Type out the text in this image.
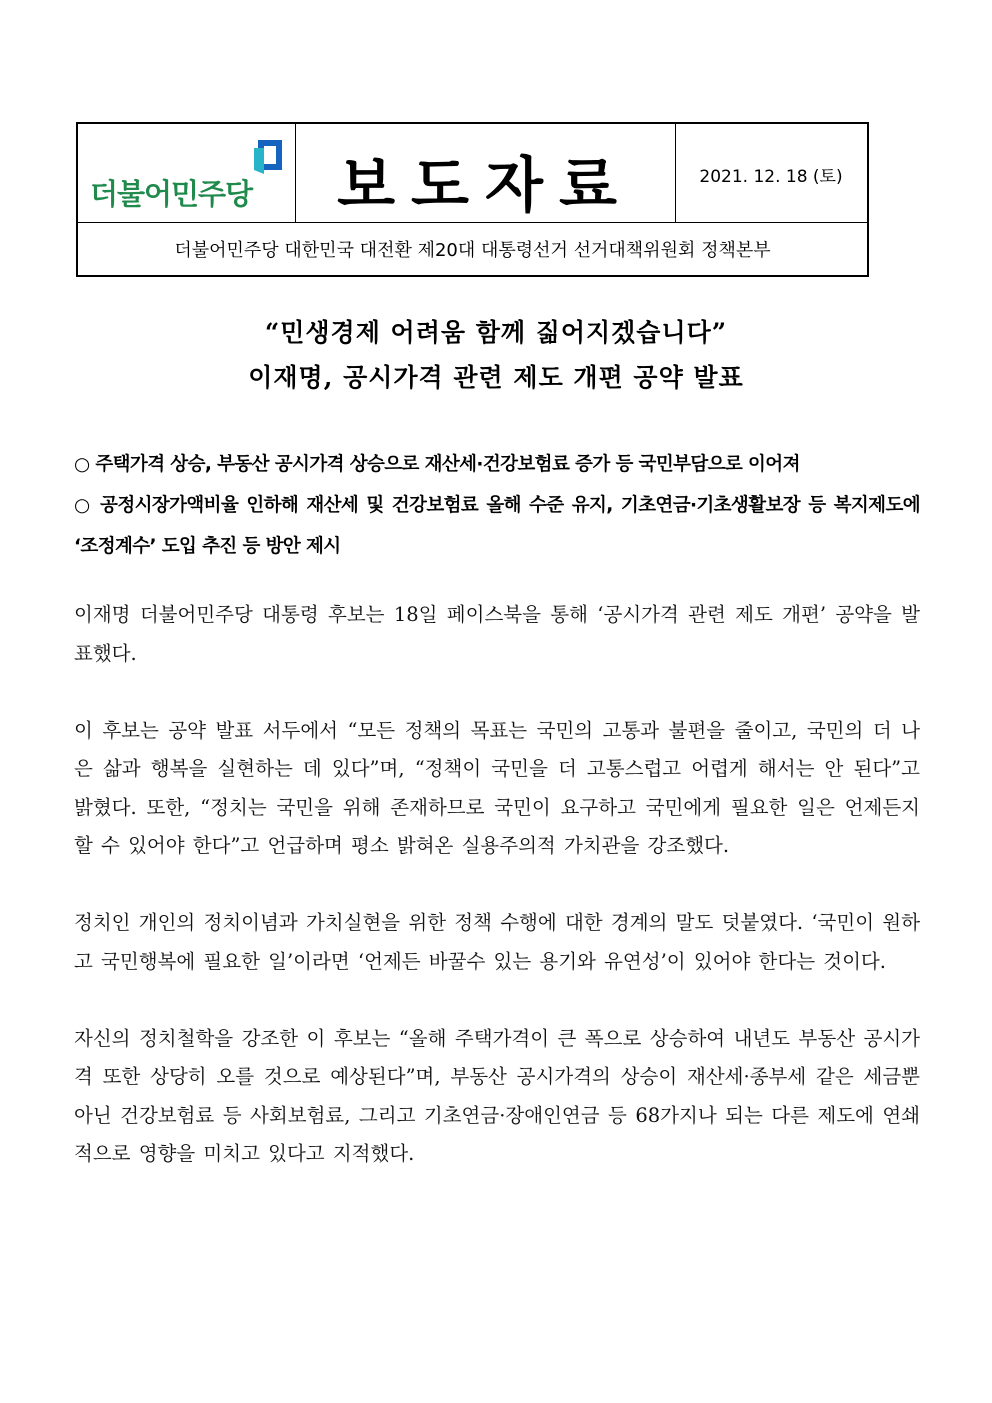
더불어민주당	보도자료	2021. 12. 18 (토)
더불어민주당 대한민국 대전환 제20대 대통령선거 선거대책위원회 정책본부
“민생경제 어려움 함께 짊어지겠습니다”
이재명, 공시가격 관련 제도 개편 공약 발표

○ 주택가격 상승, 부동산 공시가격 상승으로 재산세·건강보험료 증가 등 국민부담으로 이어져

○ 공정시장가액비율 인하해 재산세 및 건강보험료 올해 수준 유지, 기초연금·기초생활보장 등 복지제도에 ‘조정계수’ 도입 추진 등 방안 제시

이재명 더불어민주당 대통령 후보는 18일 페이스북을 통해 ‘공시가격 관련 제도 개편’ 공약을 발표했다.

이 후보는 공약 발표 서두에서 “모든 정책의 목표는 국민의 고통과 불편을 줄이고, 국민의 더 나은 삶과 행복을 실현하는 데 있다”며, “정책이 국민을 더 고통스럽고 어렵게 해서는 안 된다”고 밝혔다. 또한, “정치는 국민을 위해 존재하므로 국민이 요구하고 국민에게 필요한 일은 언제든지 할 수 있어야 한다”고 언급하며 평소 밝혀온 실용주의적 가치관을 강조했다.

정치인 개인의 정치이념과 가치실현을 위한 정책 수행에 대한 경계의 말도 덧붙였다. ‘국민이 원하고 국민행복에 필요한 일’이라면 ‘언제든 바꿀수 있는 용기와 유연성’이 있어야 한다는 것이다.

자신의 정치철학을 강조한 이 후보는 “올해 주택가격이 큰 폭으로 상승하여 내년도 부동산 공시가격 또한 상당히 오를 것으로 예상된다”며, 부동산 공시가격의 상승이 재산세·종부세 같은 세금뿐 아닌 건강보험료 등 사회보험료, 그리고 기초연금·장애인연금 등 68가지나 되는 다른 제도에 연쇄적으로 영향을 미치고 있다고 지적했다.
